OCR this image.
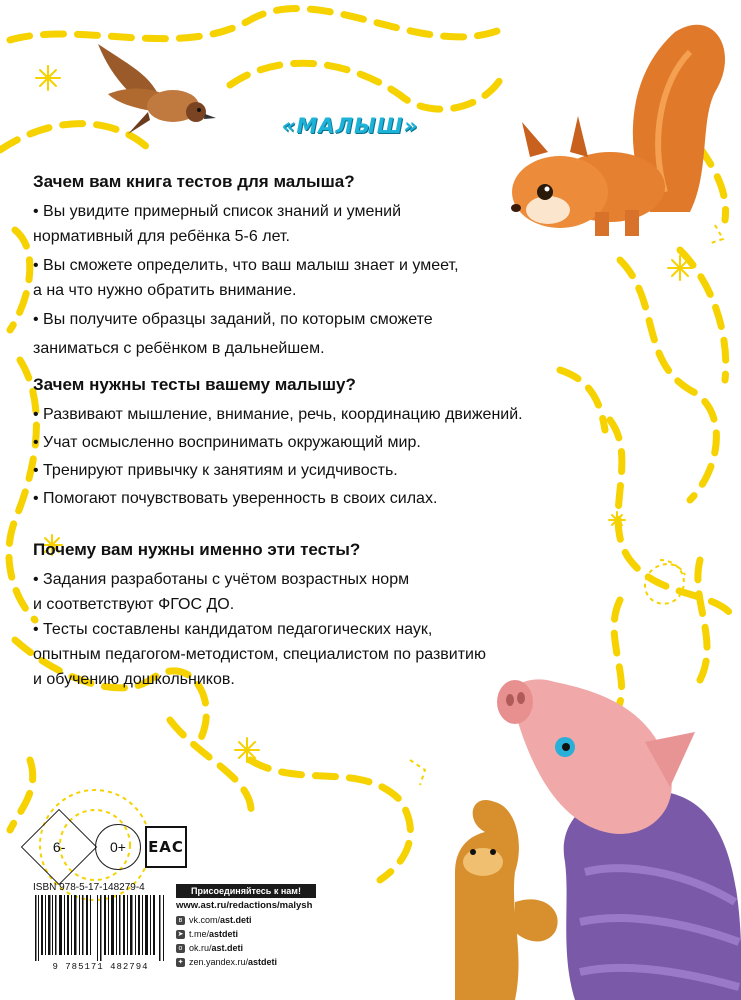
«МАЛЫШ»

Зачем вам книга тестов для малыша?

• Вы увидите примерный список знаний и умений

нормативный для ребёнка 5-6 лет.

• Вы сможете определить, что ваш малыш знает и умеет,

а на что нужно обратить внимание.

• Вы получите образцы заданий, по которым сможете

заниматься с ребёнком в дальнейшем.

Зачем нужны тесты вашему малышу?

• Развивают мышление, внимание, речь, координацию движений.

• Учат осмысленно воспринимать окружающий мир.

• Тренируют привычку к занятиям и усидчивость.

• Помогают почувствовать уверенность в своих силах.

Почему вам нужны именно эти тесты?

• Задания разработаны с учётом возрастных норм

и соответствуют ФГОС ДО.

• Тесты составлены кандидатом педагогических наук,

опытным педагогом-методистом, специалистом по развитию

и обучению дошкольников.

6-	0+	EAC
ISBN 978-5-17-148279-4
9 785171 482794
Присоединяйтесь к нам!
www.ast.ru/redactions/malysh
в vk.com/ ast.deti
➤ t.me/ astdeti
о ok.ru/ ast.deti
✦ zen.yandex.ru/ astdeti
